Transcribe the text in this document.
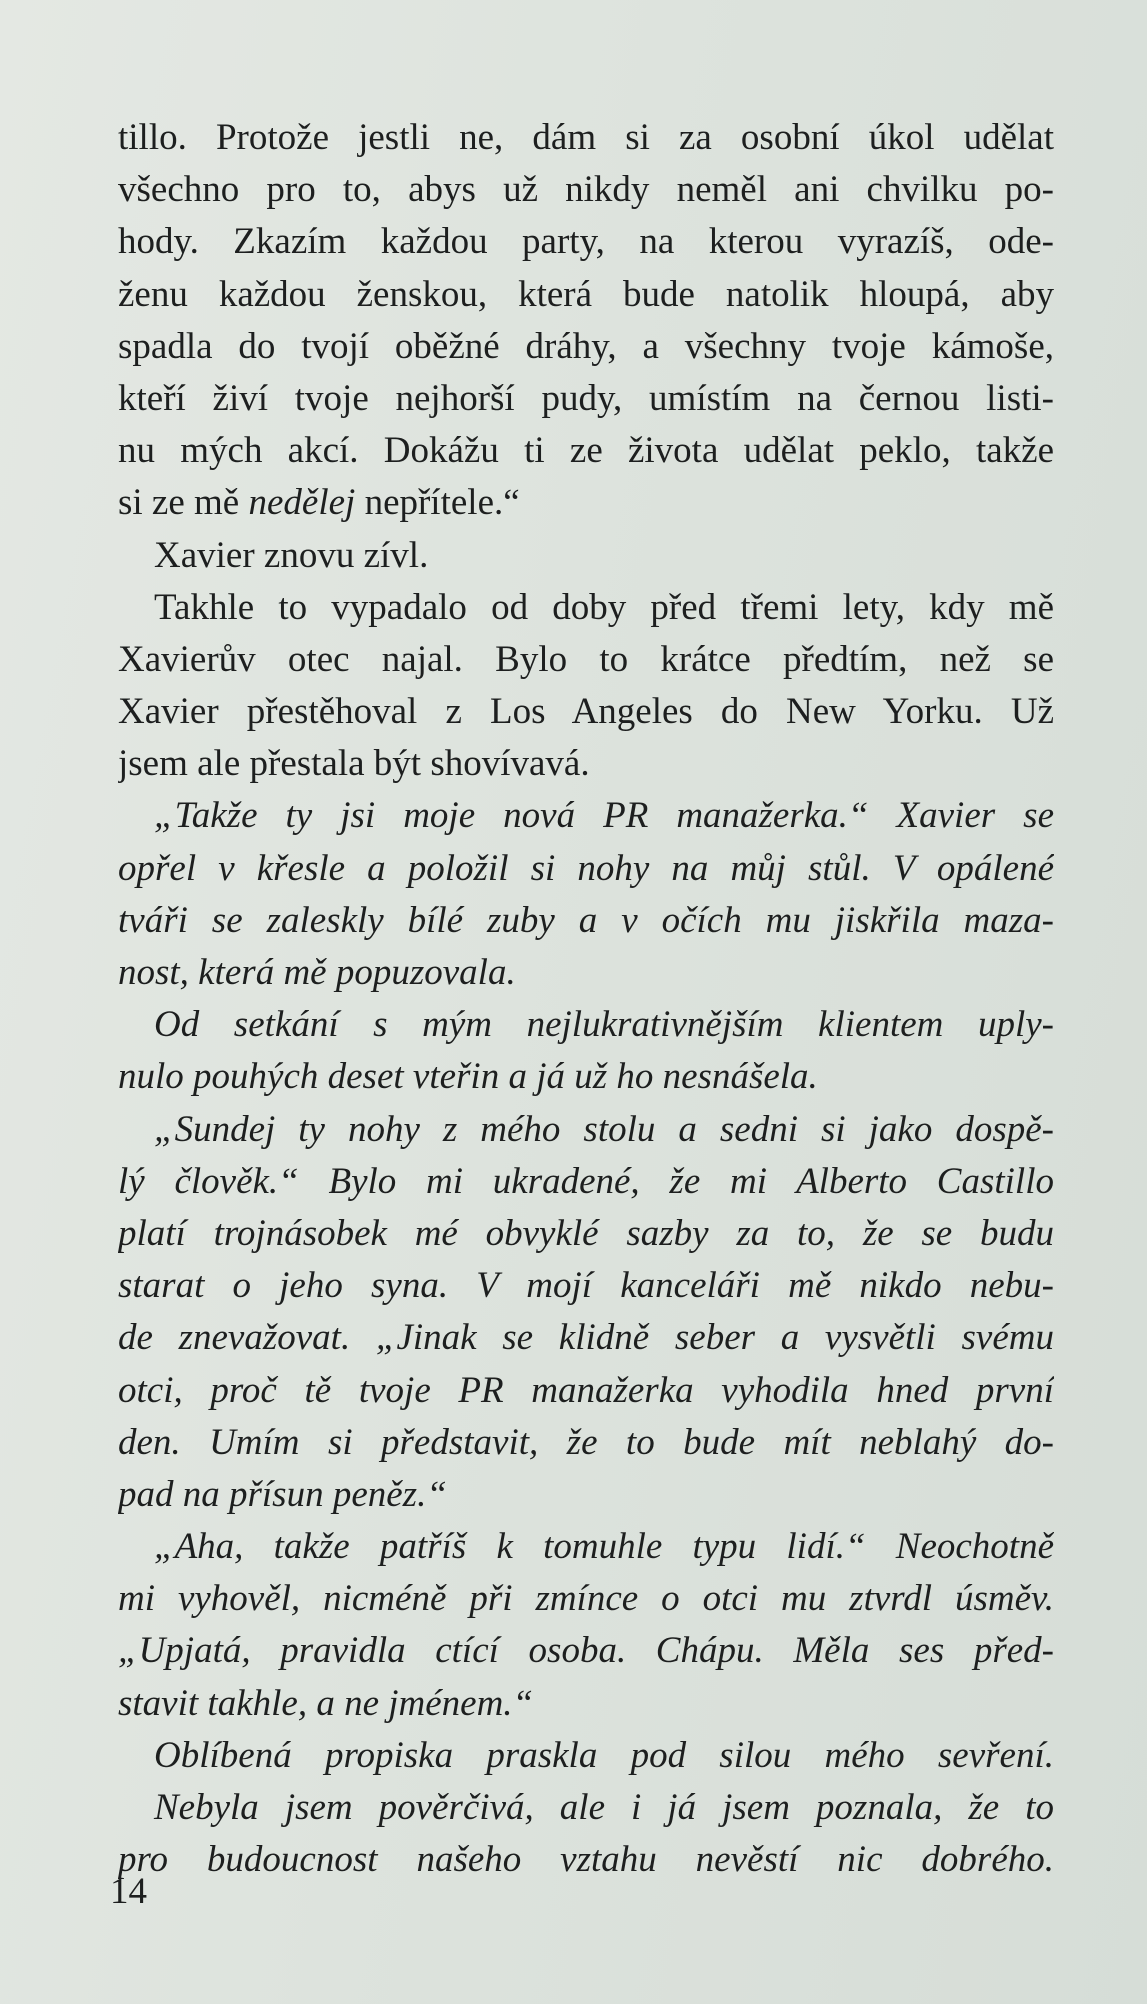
tillo. Protože jestli ne, dám si za osobní úkol udělat
všechno pro to, abys už nikdy neměl ani chvilku po-
hody. Zkazím každou party, na kterou vyrazíš, ode-
ženu každou ženskou, která bude natolik hloupá, aby
spadla do tvojí oběžné dráhy, a všechny tvoje kámoše,
kteří živí tvoje nejhorší pudy, umístím na černou listi-
nu mých akcí. Dokážu ti ze života udělat peklo, takže
si ze mě nedělej nepřítele.“
Xavier znovu zívl.
Takhle to vypadalo od doby před třemi lety, kdy mě
Xavierův otec najal. Bylo to krátce předtím, než se
Xavier přestěhoval z Los Angeles do New Yorku. Už
jsem ale přestala být shovívavá.
„Takže ty jsi moje nová PR manažerka.“ Xavier se
opřel v křesle a položil si nohy na můj stůl. V opálené
tváři se zaleskly bílé zuby a v očích mu jiskřila maza-
nost, která mě popuzovala.
Od setkání s mým nejlukrativnějším klientem uply-
nulo pouhých deset vteřin a já už ho nesnášela.
„Sundej ty nohy z mého stolu a sedni si jako dospě-
lý člověk.“ Bylo mi ukradené, že mi Alberto Castillo
platí trojnásobek mé obvyklé sazby za to, že se budu
starat o jeho syna. V mojí kanceláři mě nikdo nebu-
de znevažovat. „Jinak se klidně seber a vysvětli svému
otci, proč tě tvoje PR manažerka vyhodila hned první
den. Umím si představit, že to bude mít neblahý do-
pad na přísun peněz.“
„Aha, takže patříš k tomuhle typu lidí.“ Neochotně
mi vyhověl, nicméně při zmínce o otci mu ztvrdl úsměv.
„Upjatá, pravidla ctící osoba. Chápu. Měla ses před-
stavit takhle, a ne jménem.“
Oblíbená propiska praskla pod silou mého sevření.
Nebyla jsem pověrčivá, ale i já jsem poznala, že to
pro budoucnost našeho vztahu nevěstí nic dobrého.
14
